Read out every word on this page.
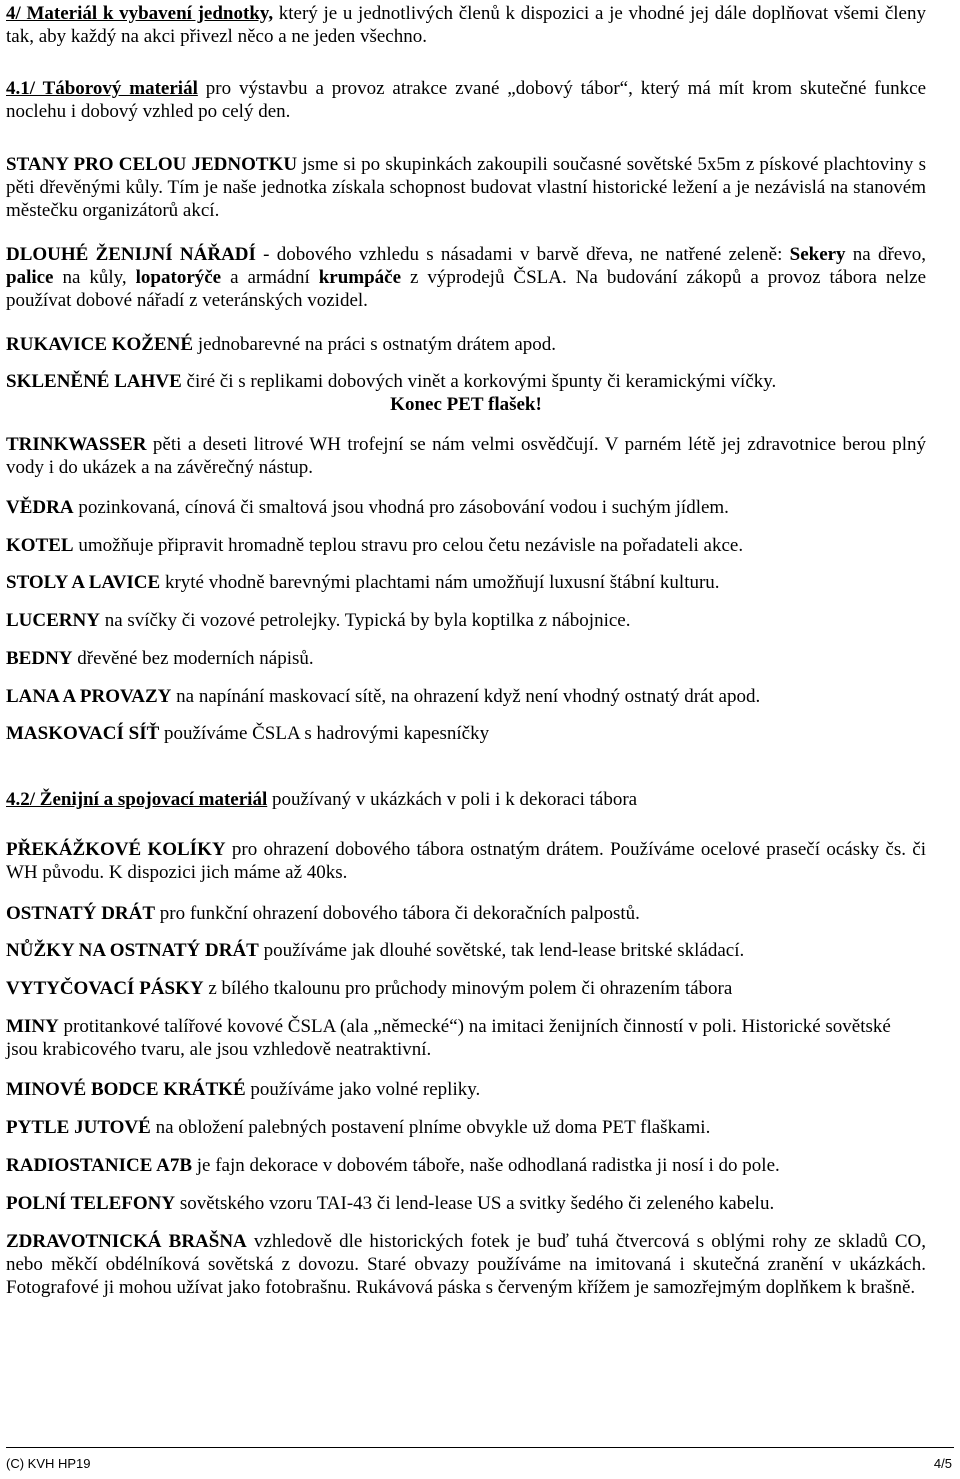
4/ Materiál k vybavení jednotky, který je u jednotlivých členů k dispozici a je vhodné jej dále doplňovat všemi členy tak, aby každý na akci přivezl něco a ne jeden všechno.

4.1/ Táborový materiál pro výstavbu a provoz atrakce zvané „dobový tábor“, který má mít krom skutečné funkce noclehu i dobový vzhled po celý den.

STANY PRO CELOU JEDNOTKU jsme si po skupinkách zakoupili současné sovětské 5x5m z pískové plachtoviny s pěti dřevěnými kůly. Tím je naše jednotka získala schopnost budovat vlastní historické ležení a je nezávislá na stanovém městečku organizátorů akcí.

DLOUHÉ ŽENIJNÍ NÁŘADÍ - dobového vzhledu s násadami v barvě dřeva, ne natřené zeleně: Sekery na dřevo, palice na kůly, lopatorýče a armádní krumpáče z výprodejů ČSLA. Na budování zákopů a provoz tábora nelze používat dobové nářadí z veteránských vozidel.

RUKAVICE KOŽENÉ jednobarevné na práci s ostnatým drátem apod.

SKLENĚNÉ LAHVE čiré či s replikami dobových vinět a korkovými špunty či keramickými víčky.

Konec PET flašek!

TRINKWASSER pěti a deseti litrové WH trofejní se nám velmi osvědčují. V parném létě jej zdravotnice berou plný vody i do ukázek a na závěrečný nástup.

VĚDRA pozinkovaná, cínová či smaltová jsou vhodná pro zásobování vodou i suchým jídlem.

KOTEL umožňuje připravit hromadně teplou stravu pro celou četu nezávisle na pořadateli akce.

STOLY A LAVICE kryté vhodně barevnými plachtami nám umožňují luxusní štábní kulturu.

LUCERNY na svíčky či vozové petrolejky. Typická by byla koptilka z nábojnice.

BEDNY dřevěné bez moderních nápisů.

LANA A PROVAZY na napínání maskovací sítě, na ohrazení když není vhodný ostnatý drát apod.

MASKOVACÍ SÍŤ používáme ČSLA s hadrovými kapesníčky

4.2/ Ženijní a spojovací materiál používaný v ukázkách v poli i k dekoraci tábora

PŘEKÁŽKOVÉ KOLÍKY pro ohrazení dobového tábora ostnatým drátem. Používáme ocelové prasečí ocásky čs. či WH původu. K dispozici jich máme až 40ks.

OSTNATÝ DRÁT pro funkční ohrazení dobového tábora či dekoračních palpostů.

NŮŽKY NA OSTNATÝ DRÁT používáme jak dlouhé sovětské, tak lend-lease britské skládací.

VYTYČOVACÍ PÁSKY z bílého tkalounu pro průchody minovým polem či ohrazením tábora

MINY protitankové talířové kovové ČSLA (ala „německé“) na imitaci ženijních činností v poli. Historické sovětské jsou krabicového tvaru, ale jsou vzhledově neatraktivní.

MINOVÉ BODCE KRÁTKÉ používáme jako volné repliky.

PYTLE JUTOVÉ na obložení palebných postavení plníme obvykle už doma PET flaškami.

RADIOSTANICE A7B je fajn dekorace v dobovém táboře, naše odhodlaná radistka ji nosí i do pole.

POLNÍ TELEFONY sovětského vzoru TAI-43 či lend-lease US a svitky šedého či zeleného kabelu.

ZDRAVOTNICKÁ BRAŠNA vzhledově dle historických fotek je buď tuhá čtvercová s oblými rohy ze skladů CO, nebo měkčí obdélníková sovětská z dovozu. Staré obvazy používáme na imitovaná i skutečná zranění v ukázkách. Fotografové ji mohou užívat jako fotobrašnu. Rukávová páska s červeným křížem je samozřejmým doplňkem k brašně.

(C) KVH HP19	4/5
